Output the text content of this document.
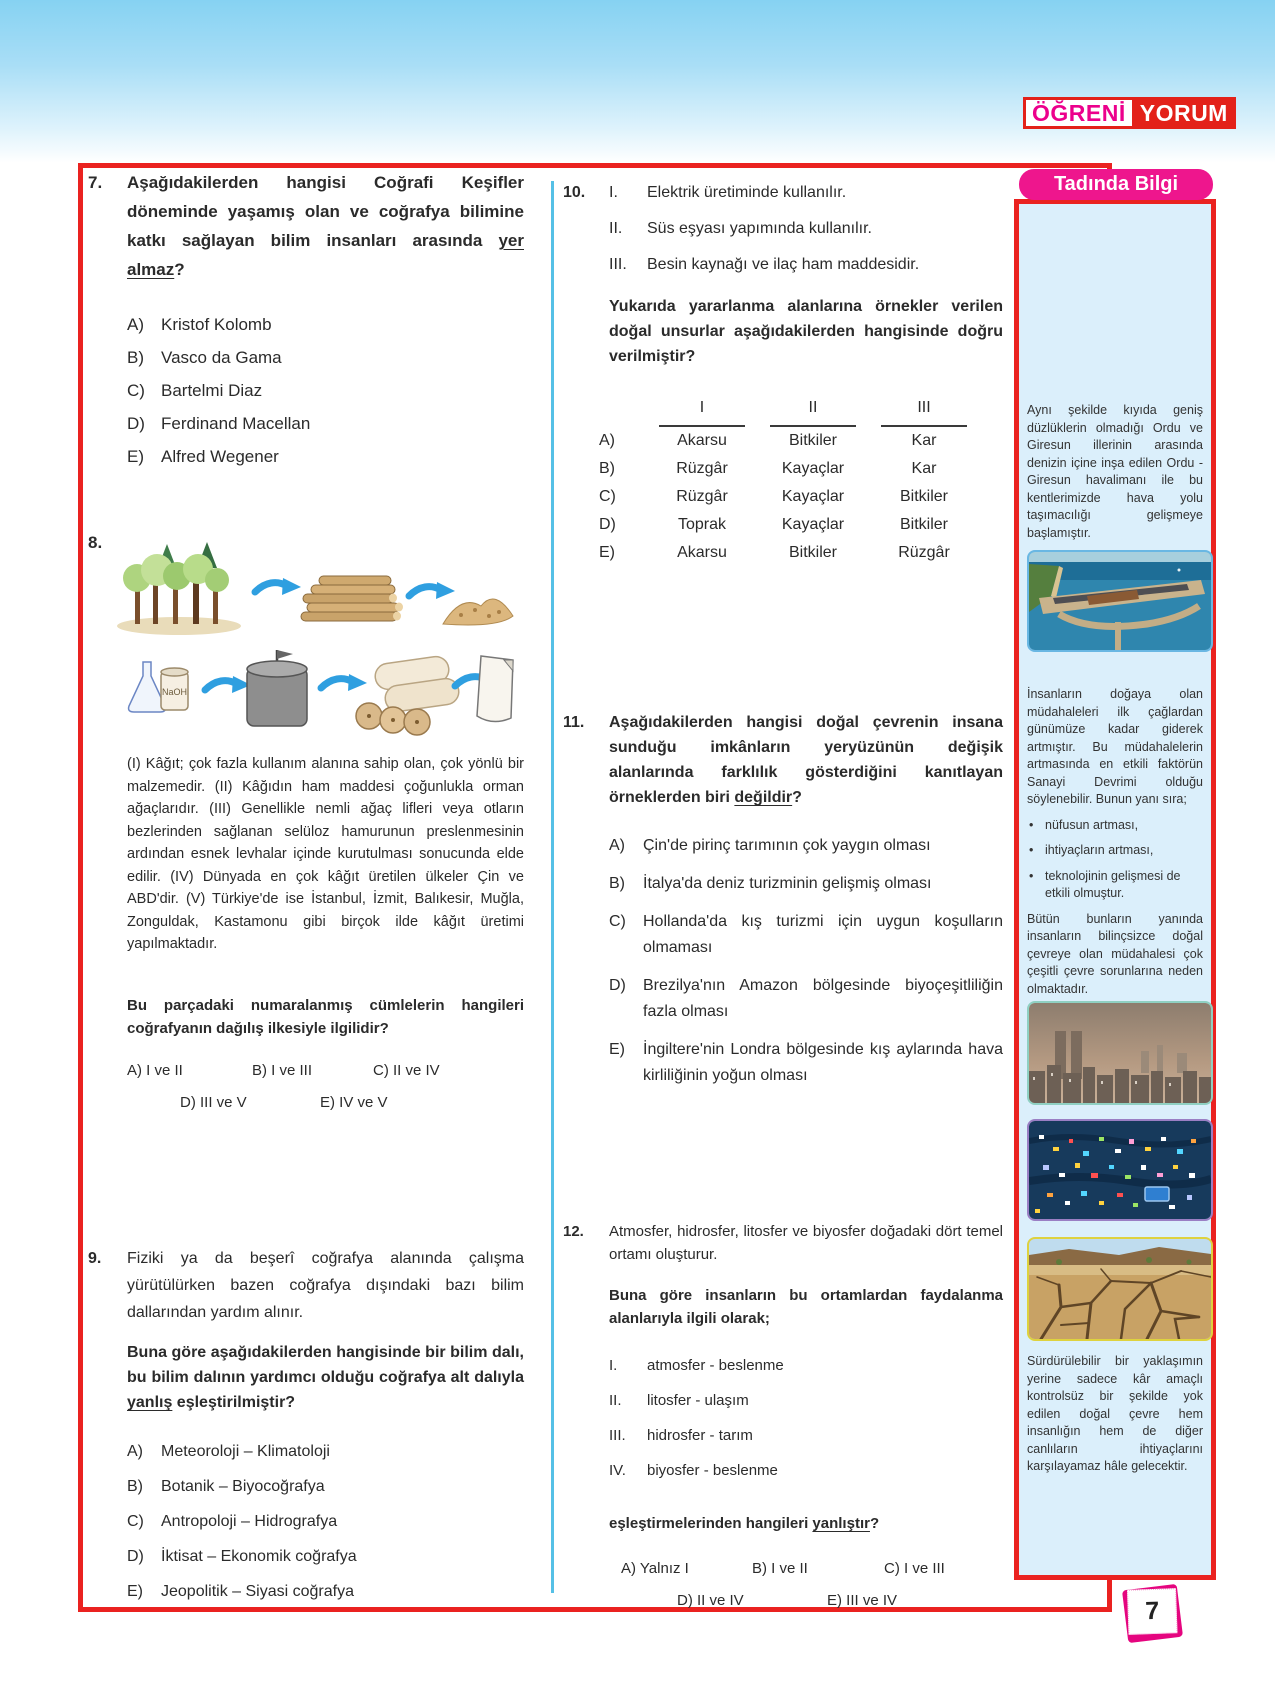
ÖĞRENİ YORUM
7.	Aşağıdakilerden hangisi Coğrafi Keşifler döneminde yaşamış olan ve coğrafya bilimine katkı sağlayan bilim insanları arasında yer almaz?

A)	Kristof Kolomb
B)	Vasco da Gama
C) Bartelmi Diaz
D) Ferdinand Macellan
E)	Alfred Wegener
8.
NaOH

(I) Kâğıt; çok fazla kullanım alanına sahip olan, çok yönlü bir malzemedir. (II) Kâğıdın ham maddesi çoğunlukla orman ağaçlarıdır. (III) Genellikle nemli ağaç lifleri veya otların bezlerinden sağlanan selüloz hamurunun preslenmesinin ardından esnek levhalar içinde kurutulması sonucunda elde edilir. (IV) Dünyada en çok kâğıt üretilen ülkeler Çin ve ABD'dir. (V) Türkiye'de ise İstanbul, İzmit, Balıkesir, Muğla, Zonguldak, Kastamonu gibi birçok ilde kâğıt üretimi yapılmaktadır.

Bu parçadaki numaralanmış cümlelerin hangileri coğrafyanın dağılış ilkesiyle ilgilidir?

A) I ve II	B) I ve III	C) II ve IV
D) III ve V	E) IV ve V
9.	Fiziki ya da beşerî coğrafya alanında çalışma yürütülürken bazen coğrafya dışındaki bazı bilim dallarından yardım alınır.

Buna göre aşağıdakilerden hangisinde bir bilim dalı, bu bilim dalının yardımcı olduğu coğrafya alt dalıyla yanlış eşleştirilmiştir?

A)	Meteoroloji – Klimatoloji
B)	Botanik – Biyocoğrafya
C)	Antropoloji – Hidrografya
D)	İktisat – Ekonomik coğrafya
E)	Jeopolitik – Siyasi coğrafya
10.	I.	Elektrik üretiminde kullanılır.
II.	Süs eşyası yapımında kullanılır.
III.	Besin kaynağı ve ilaç ham maddesidir.

Yukarıda yararlanma alanlarına örnekler verilen doğal unsurlar aşağıdakilerden hangisinde doğru verilmiştir?

	I	II	III
A)	Akarsu	Bitkiler	Kar
B)	Rüzgâr	Kayaçlar	Kar
C)	Rüzgâr	Kayaçlar	Bitkiler
D)	Toprak	Kayaçlar	Bitkiler
E)	Akarsu	Bitkiler	Rüzgâr
11.	Aşağıdakilerden hangisi doğal çevrenin insana sunduğu imkânların yeryüzünün değişik alanlarında farklılık gösterdiğini kanıtlayan örneklerden biri değildir?

A)	Çin'de pirinç tarımının çok yaygın olması
B)	İtalya'da deniz turizminin gelişmiş olması
C)	Hollanda'da kış turizmi için uygun koşulların olmaması
D)	Brezilya'nın Amazon bölgesinde biyoçeşitliliğin fazla olması
E)	İngiltere'nin Londra bölgesinde kış aylarında hava kirliliğinin yoğun olması
12.	Atmosfer, hidrosfer, litosfer ve biyosfer doğadaki dört temel ortamı oluşturur.

Buna göre insanların bu ortamlardan faydalanma alanlarıyla ilgili olarak;

I.	atmosfer - beslenme
II.	litosfer - ulaşım
III.	hidrosfer - tarım
IV.	biyosfer - beslenme

eşleştirmelerinden hangileri yanlıştır?

A) Yalnız I	B) I ve II	C) I ve III
D) II ve IV	E) III ve IV
Tadında Bilgi

Aynı şekilde kıyıda geniş düzlüklerin olmadığı Ordu ve Giresun illerinin arasında denizin içine inşa edilen Ordu - Giresun havalimanı ile bu kentlerimizde hava yolu taşımacılığı gelişmeye başlamıştır.

İnsanların doğaya olan müdahaleleri ilk çağlardan günümüze kadar giderek artmıştır. Bu müdahalelerin artmasında en etkili faktörün Sanayi Devrimi olduğu söylenebilir. Bunun yanı sıra;

• nüfusun artması,
• ihtiyaçların artması,
• teknolojinin gelişmesi de etkili olmuştur.

Bütün bunların yanında insanların bilinçsizce doğal çevreye olan müdahalesi çok çeşitli çevre sorunlarına neden olmaktadır.

Sürdürülebilir bir yaklaşımın yerine sadece kâr amaçlı kontrolsüz bir şekilde yok edilen doğal çevre hem insanlığın hem de diğer canlıların ihtiyaçlarını karşılayamaz hâle gelecektir.

7
